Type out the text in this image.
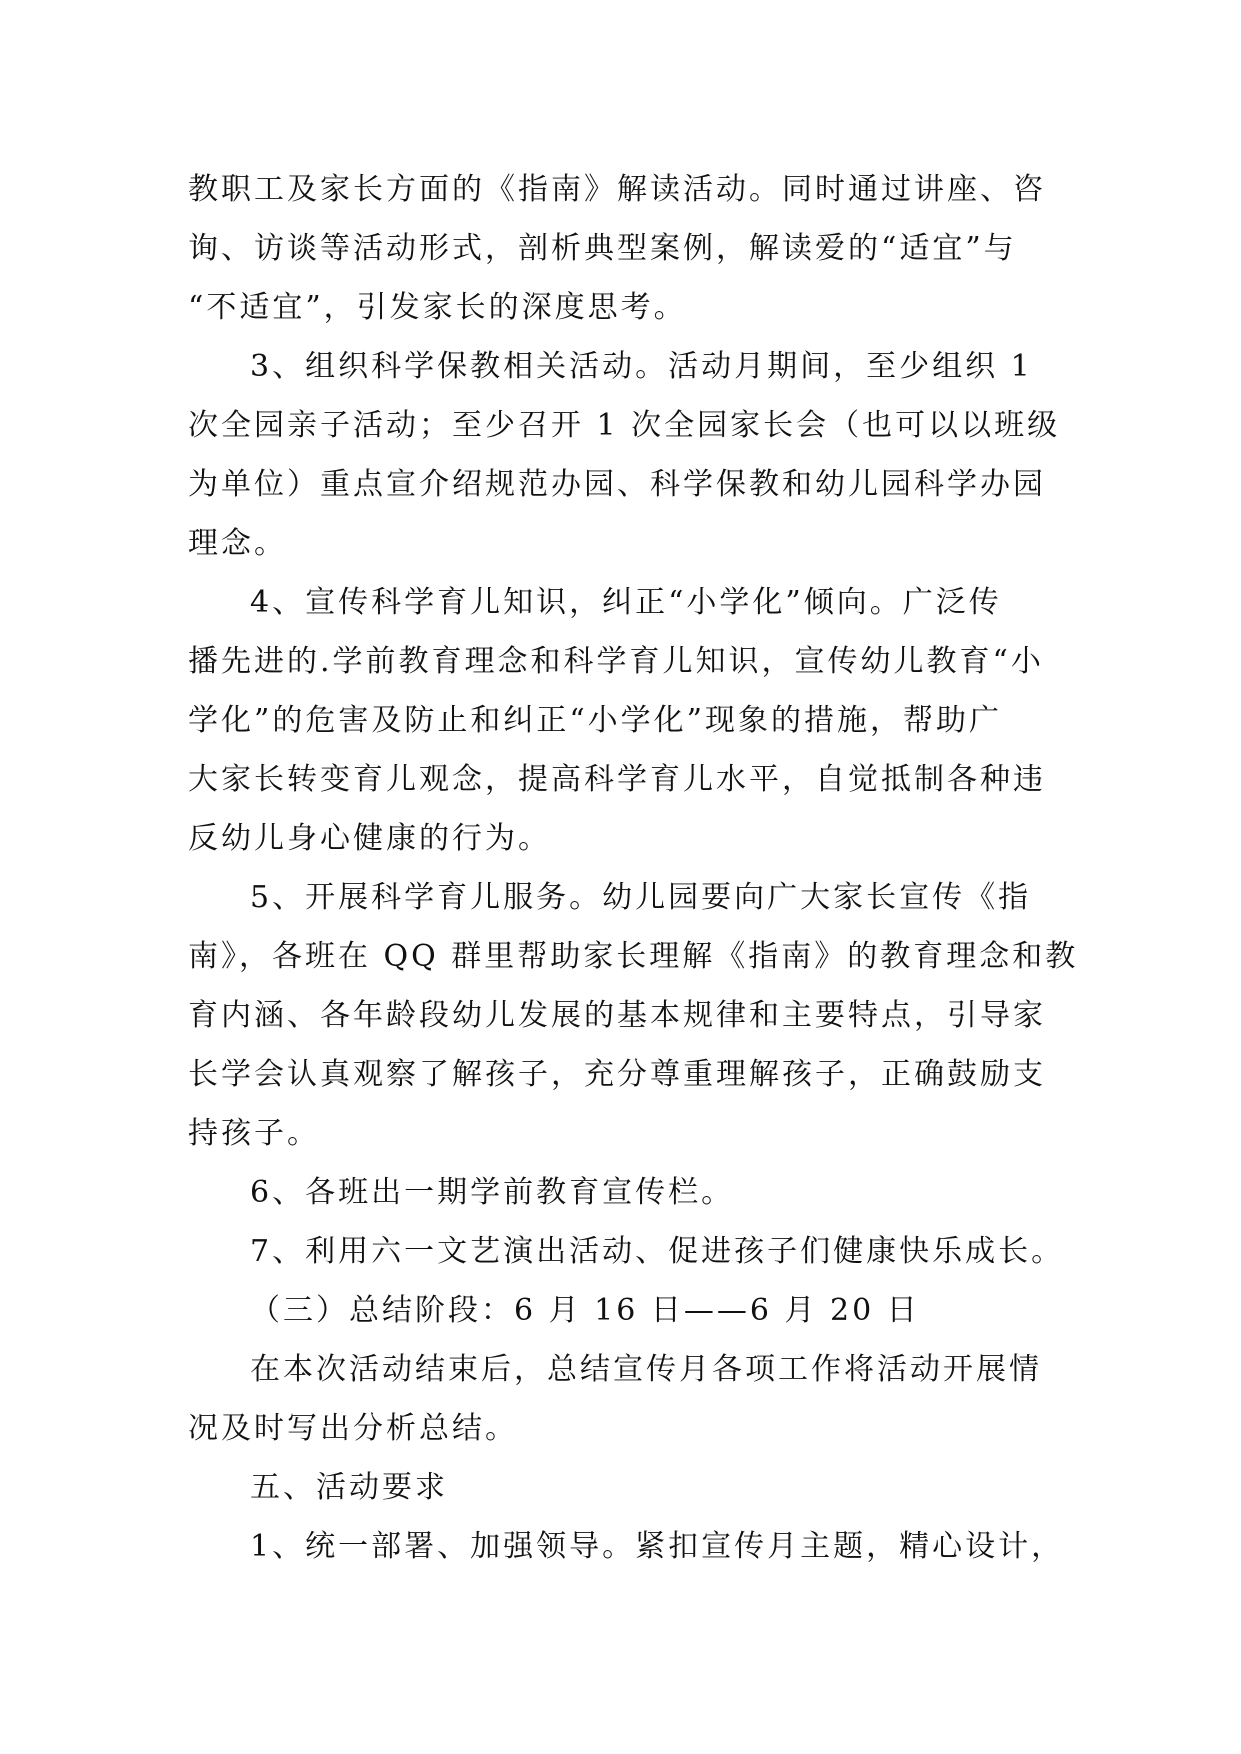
教职工及家长方面的《指南》解读活动。同时通过讲座、咨
询、访谈等活动形式，剖析典型案例，解读爱的“适宜”与
“不适宜”，引发家长的深度思考。
3、组织科学保教相关活动。活动月期间，至少组织 1
次全园亲子活动；至少召开 1 次全园家长会（也可以以班级
为单位）重点宣介绍规范办园、科学保教和幼儿园科学办园
理念。
4、宣传科学育儿知识，纠正“小学化”倾向。广泛传
播先进的.学前教育理念和科学育儿知识，宣传幼儿教育“小
学化”的危害及防止和纠正“小学化”现象的措施，帮助广
大家长转变育儿观念，提高科学育儿水平，自觉抵制各种违
反幼儿身心健康的行为。
5、开展科学育儿服务。幼儿园要向广大家长宣传《指
南》，各班在 QQ 群里帮助家长理解《指南》的教育理念和教
育内涵、各年龄段幼儿发展的基本规律和主要特点，引导家
长学会认真观察了解孩子，充分尊重理解孩子，正确鼓励支
持孩子。
6、各班出一期学前教育宣传栏。
7、利用六一文艺演出活动、促进孩子们健康快乐成长。
（三）总结阶段：6 月 16 日——6 月 20 日
在本次活动结束后，总结宣传月各项工作将活动开展情
况及时写出分析总结。
五、活动要求
1、统一部署、加强领导。紧扣宣传月主题，精心设计，
